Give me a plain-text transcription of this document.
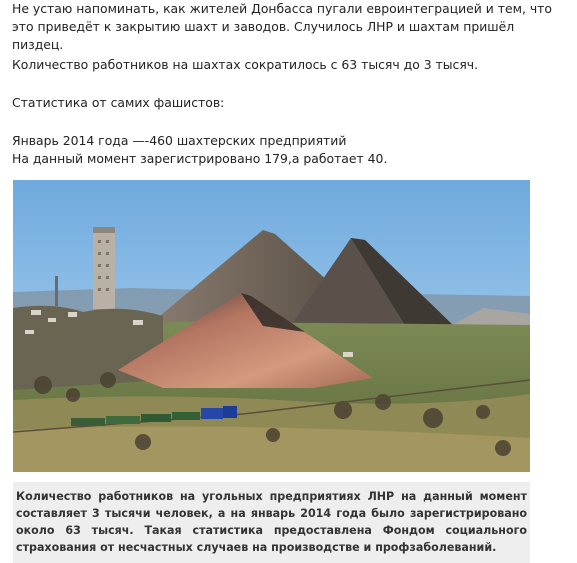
Не устаю напоминать, как жителей Донбасса пугали евроинтеграцией и тем, что это приведёт к закрытию шахт и заводов. Случилось ЛНР и шахтам пришёл пиздец.

Количество работников на шахтах сократилось с 63 тысяч до 3 тысяч.

Статистика от самих фашистов:

Январь 2014 года —-460 шахтерских предприятий
На данный момент зарегистрировано 179,а работает 40.

Количество работников на угольных предприятиях ЛНР на данный момент составляет 3 тысячи человек, а на январь 2014 года было зарегистрировано около 63 тысяч. Такая статистика предоставлена Фондом социального страхования от несчастных случаев на производстве и профзаболеваний.
